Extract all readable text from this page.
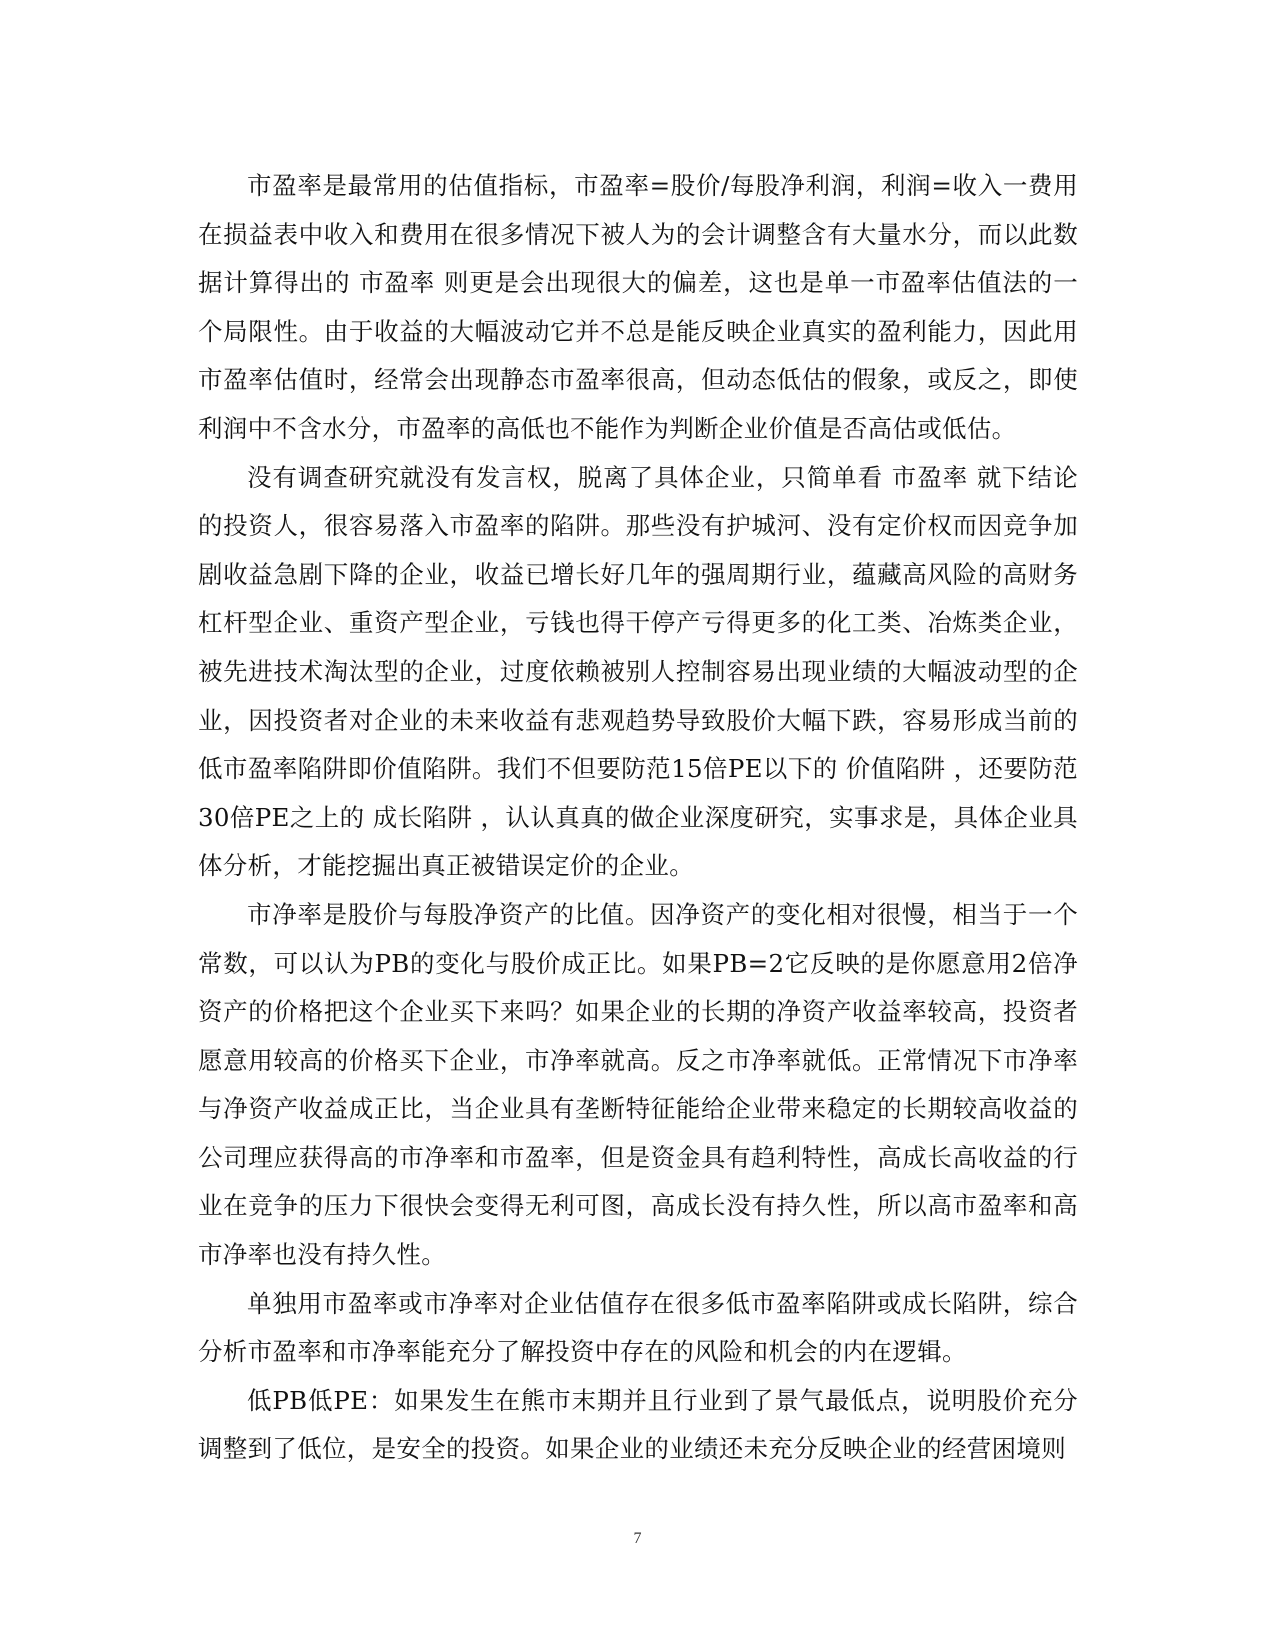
市盈率是最常用的估值指标，市盈率=股价/每股净利润，利润=收入一费用 在损益表中收入和费用在很多情况下被人为的会计调整含有大量水分，而以此数据计算得出的 市盈率 则更是会出现很大的偏差，这也是单一市盈率估值法的一个局限性。由于收益的大幅波动它并不总是能反映企业真实的盈利能力，因此用市盈率估值时，经常会出现静态市盈率很高，但动态低估的假象，或反之，即使利润中不含水分，市盈率的高低也不能作为判断企业价值是否高估或低估。

没有调查研究就没有发言权，脱离了具体企业，只简单看 市盈率 就下结论的投资人，很容易落入市盈率的陷阱。那些没有护城河、没有定价权而因竞争加剧收益急剧下降的企业，收益已增长好几年的强周期行业，蕴藏高风险的高财务杠杆型企业、重资产型企业，亏钱也得干停产亏得更多的化工类、冶炼类企业，被先进技术淘汰型的企业，过度依赖被别人控制容易出现业绩的大幅波动型的企业，因投资者对企业的未来收益有悲观趋势导致股价大幅下跌，容易形成当前的低市盈率陷阱即价值陷阱。我们不但要防范15倍PE以下的 价值陷阱 ，还要防范30倍PE之上的 成长陷阱 ，认认真真的做企业深度研究，实事求是，具体企业具体分析，才能挖掘出真正被错误定价的企业。

市净率是股价与每股净资产的比值。因净资产的变化相对很慢，相当于一个常数，可以认为PB的变化与股价成正比。如果PB=2它反映的是你愿意用2倍净资产的价格把这个企业买下来吗？如果企业的长期的净资产收益率较高，投资者愿意用较高的价格买下企业，市净率就高。反之市净率就低。正常情况下市净率与净资产收益成正比，当企业具有垄断特征能给企业带来稳定的长期较高收益的公司理应获得高的市净率和市盈率，但是资金具有趋利特性，高成长高收益的行业在竞争的压力下很快会变得无利可图，高成长没有持久性，所以高市盈率和高市净率也没有持久性。

单独用市盈率或市净率对企业估值存在很多低市盈率陷阱或成长陷阱，综合分析市盈率和市净率能充分了解投资中存在的风险和机会的内在逻辑。

低PB低PE：如果发生在熊市末期并且行业到了景气最低点，说明股价充分调整到了低位，是安全的投资。如果企业的业绩还未充分反映企业的经营困境则

7
